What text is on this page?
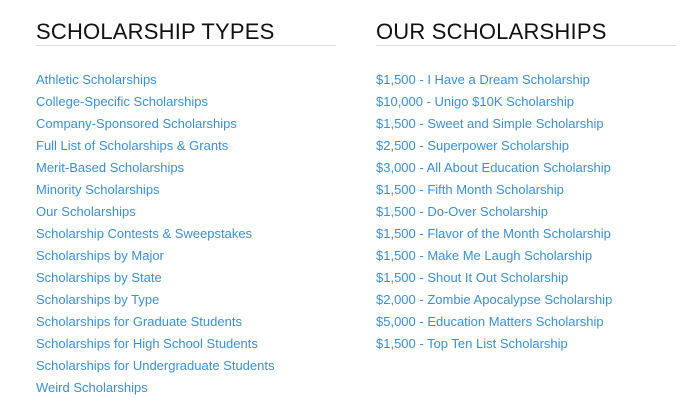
SCHOLARSHIP TYPES
Athletic Scholarships
College-Specific Scholarships
Company-Sponsored Scholarships
Full List of Scholarships & Grants
Merit-Based Scholarships
Minority Scholarships
Our Scholarships
Scholarship Contests & Sweepstakes
Scholarships by Major
Scholarships by State
Scholarships by Type
Scholarships for Graduate Students
Scholarships for High School Students
Scholarships for Undergraduate Students
Weird Scholarships
OUR SCHOLARSHIPS
$1,500 - I Have a Dream Scholarship
$10,000 - Unigo $10K Scholarship
$1,500 - Sweet and Simple Scholarship
$2,500 - Superpower Scholarship
$3,000 - All About Education Scholarship
$1,500 - Fifth Month Scholarship
$1,500 - Do-Over Scholarship
$1,500 - Flavor of the Month Scholarship
$1,500 - Make Me Laugh Scholarship
$1,500 - Shout It Out Scholarship
$2,000 - Zombie Apocalypse Scholarship
$5,000 - Education Matters Scholarship
$1,500 - Top Ten List Scholarship
